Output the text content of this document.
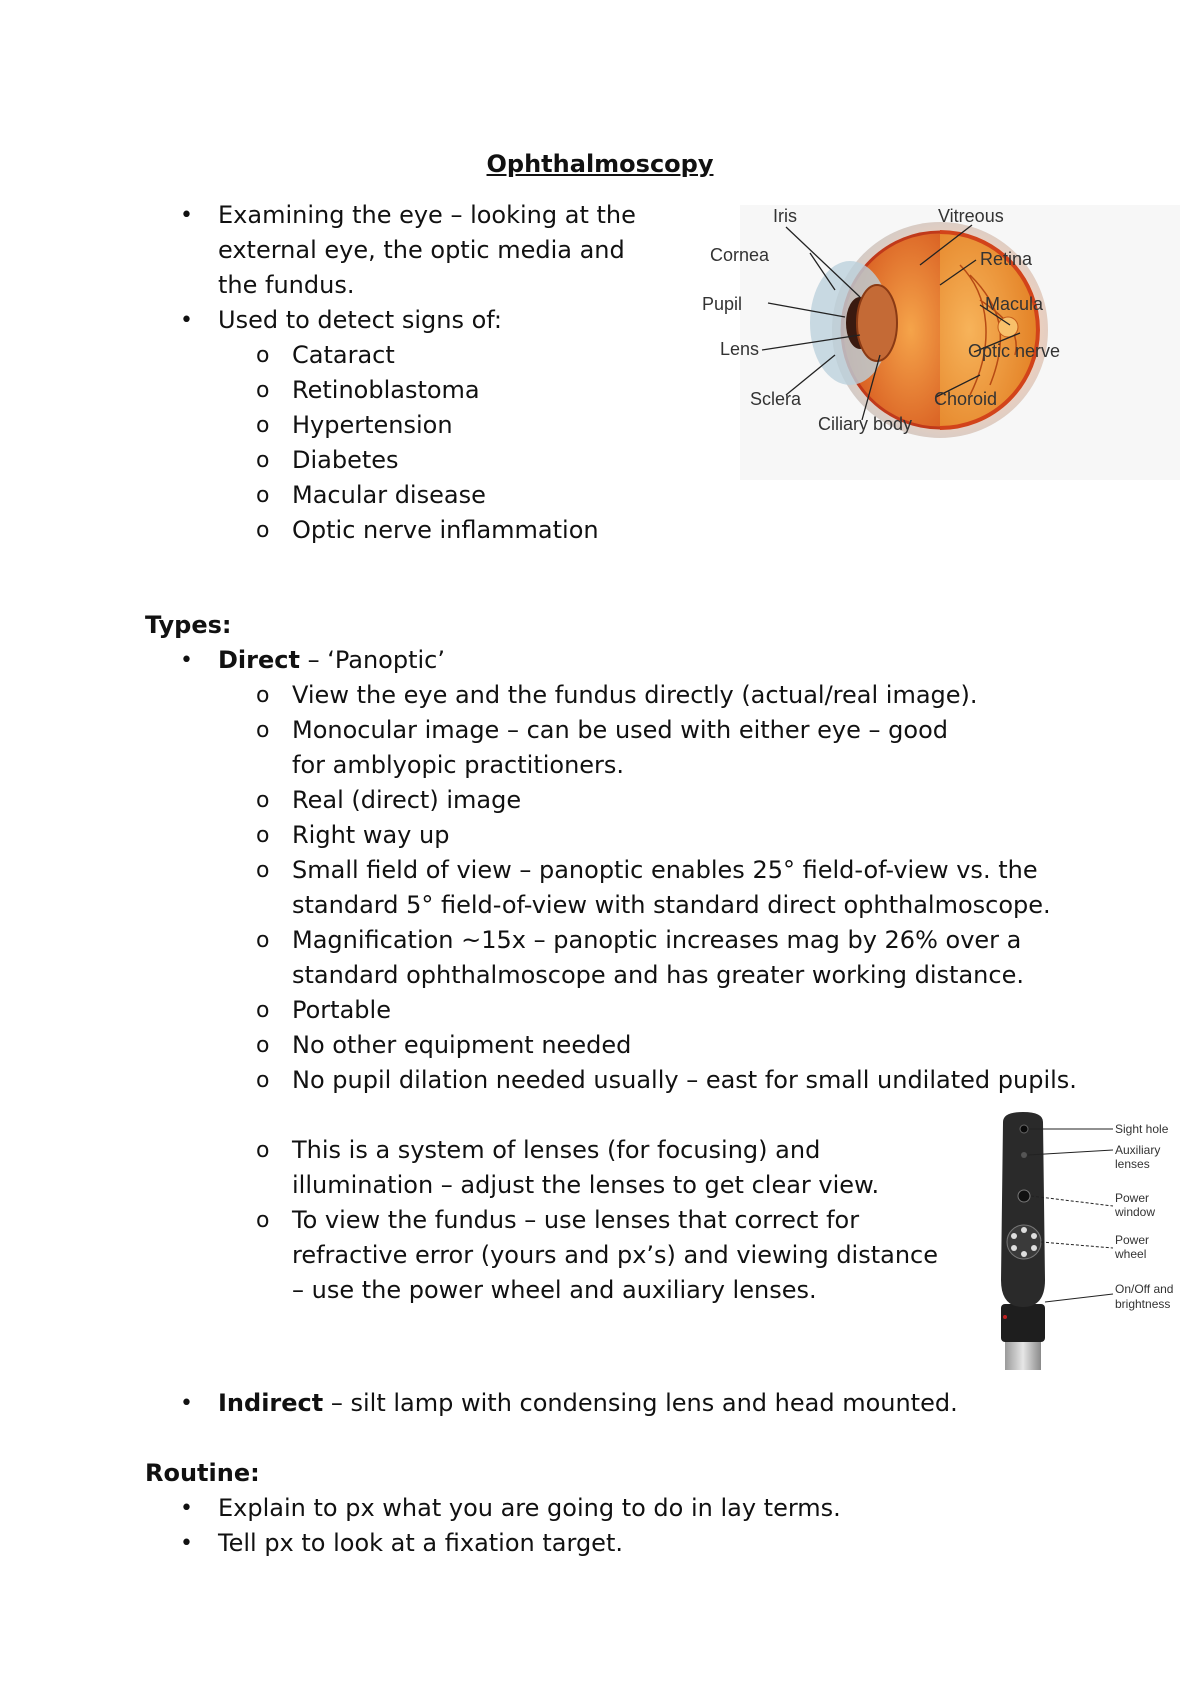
Ophthalmoscopy
• Examining the eye – looking at the external eye, the optic media and the fundus.
• Used to detect signs of:
o Cataract
o Retinoblastoma
o Hypertension
o Diabetes
o Macular disease
o Optic nerve inflammation
Types:
• Direct – ‘Panoptic’
o View the eye and the fundus directly (actual/real image).
o Monocular image – can be used with either eye – good for amblyopic practitioners.
o Real (direct) image
o Right way up
o Small field of view – panoptic enables 25° field-of-view vs. the standard 5° field-of-view with standard direct ophthalmoscope.
o Magnification ~15x – panoptic increases mag by 26% over a standard ophthalmoscope and has greater working distance.
o Portable
o No other equipment needed
o No pupil dilation needed usually – east for small undilated pupils.
o This is a system of lenses (for focusing) and illumination – adjust the lenses to get clear view.
o To view the fundus – use lenses that correct for refractive error (yours and px’s) and viewing distance – use the power wheel and auxiliary lenses.
• Indirect – silt lamp with condensing lens and head mounted.
Routine:
• Explain to px what you are going to do in lay terms.
• Tell px to look at a fixation target.
Iris	Vitreous
Cornea	Retina
Pupil	Macula
Lens	Optic nerve
Sclera	Choroid
Ciliary body
Sight hole
Auxiliary
lenses
Power
window
Power
wheel
On/Off and
brightness
